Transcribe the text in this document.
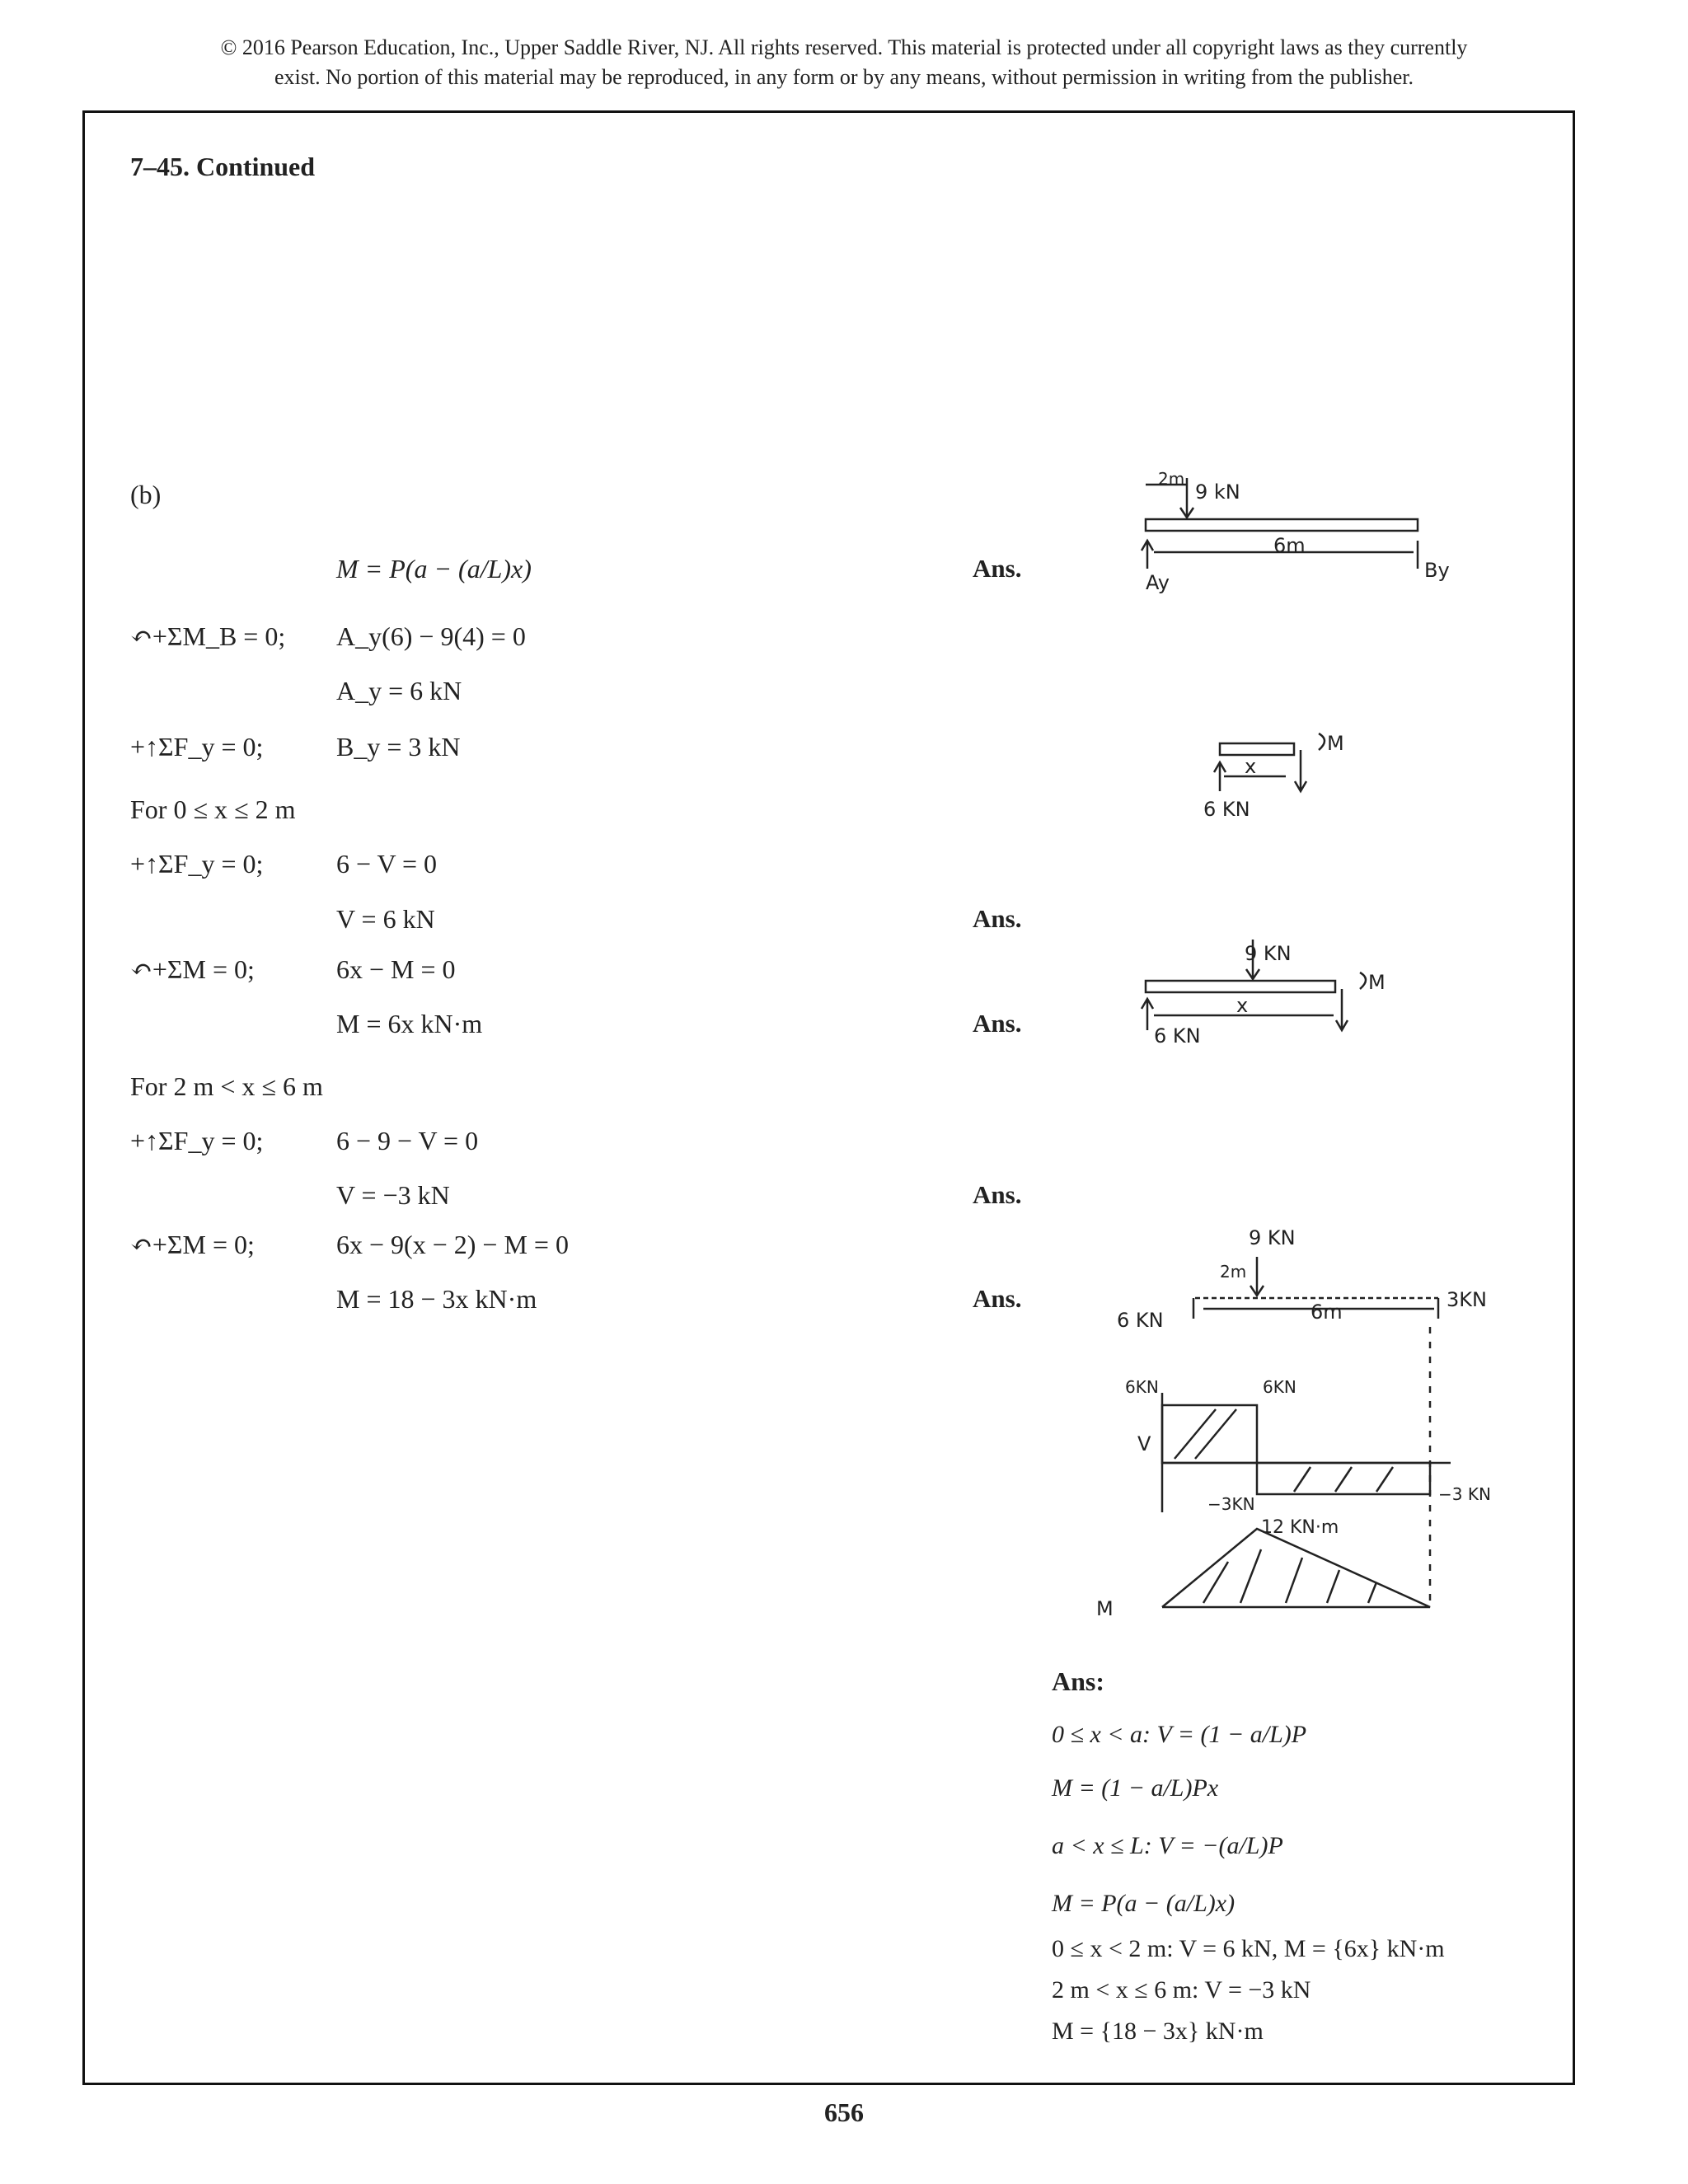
© 2016 Pearson Education, Inc., Upper Saddle River, NJ. All rights reserved. This material is protected under all copyright laws as they currently
exist. No portion of this material may be reproduced, in any form or by any means, without permission in writing from the publisher.
7–45. Continued
(b)
M = P(a − (a/L)x)	Ans.
↶+ΣM_B = 0; A_y(6) − 9(4) = 0
A_y = 6 kN
+↑ΣF_y = 0;	B_y = 3 kN
For 0 ≤ x ≤ 2 m
+↑ΣF_y = 0;	6 − V = 0
V = 6 kN	Ans.
↶+ΣM = 0;	6x − M = 0
M = 6x kN·m	Ans.
For 2 m < x ≤ 6 m
+↑ΣF_y = 0;	6 − 9 − V = 0
V = −3 kN	Ans.
↶+ΣM = 0;	6x − 9(x − 2) − M = 0
M = 18 − 3x kN·m	Ans.
9 kN
2m
6m
Ay
By
6 KN
x
M
9 KN
6 KN
x
M
9 KN
6 KN
3KN
6m
2m
V
6KN	6KN
−3KN	−3 KN
12 KN·m
M
Ans:
0 ≤ x < a: V = (1 − a/L)P
M = (1 − a/L)Px
a < x ≤ L: V = −(a/L)P
M = P(a − (a/L)x)
0 ≤ x < 2 m: V = 6 kN, M = {6x} kN·m
2 m < x ≤ 6 m: V = −3 kN
M = {18 − 3x} kN·m
656
